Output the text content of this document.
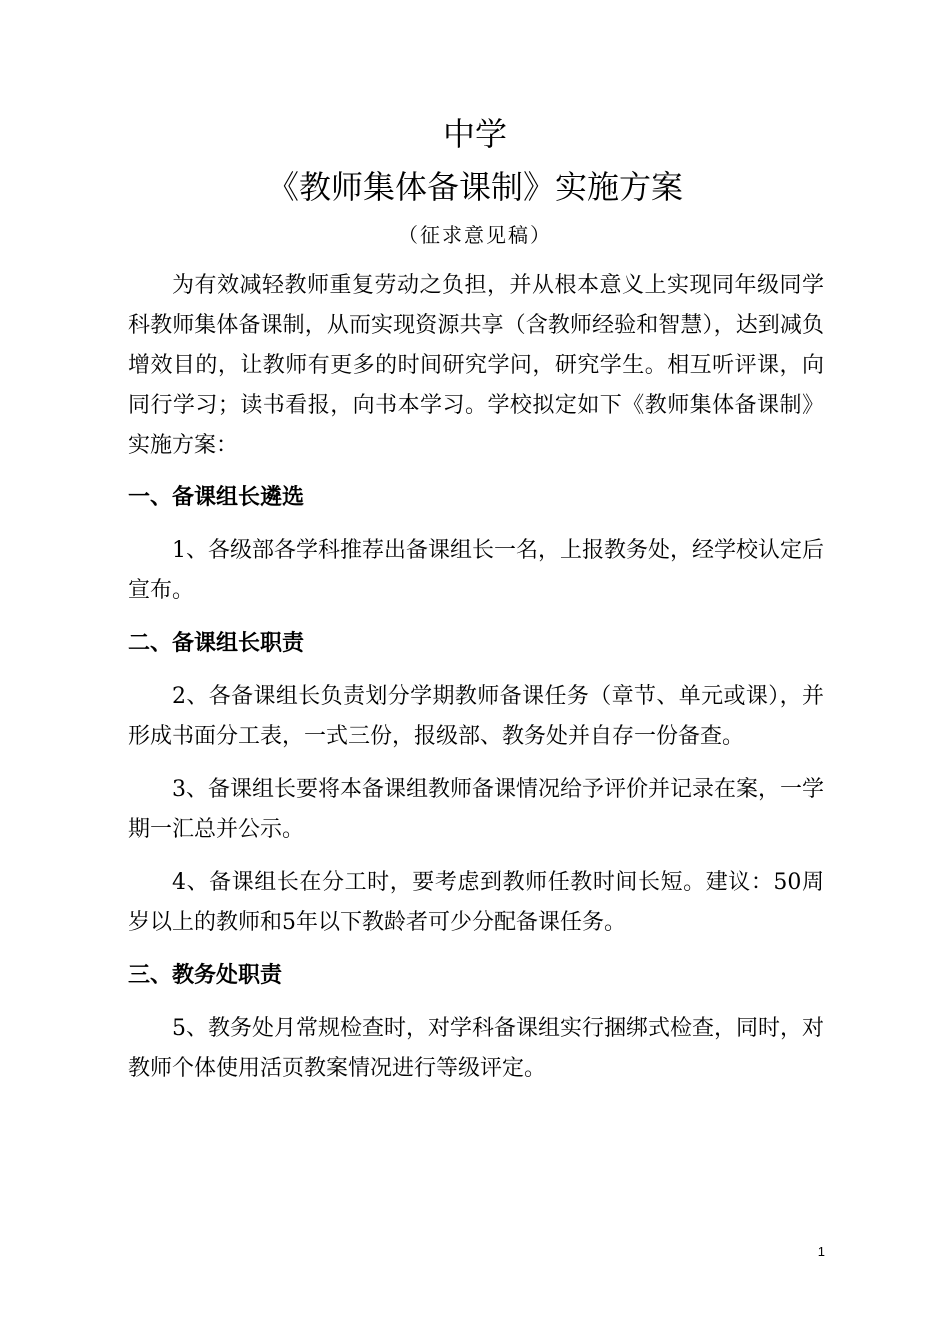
中学
《教师集体备课制》实施方案
（征求意见稿）

为有效减轻教师重复劳动之负担，并从根本意义上实现同年级同学科教师集体备课制，从而实现资源共享（含教师经验和智慧），达到减负增效目的，让教师有更多的时间研究学问，研究学生。相互听评课，向同行学习；读书看报，向书本学习。学校拟定如下《教师集体备课制》实施方案：

一、备课组长遴选

1、各级部各学科推荐出备课组长一名，上报教务处，经学校认定后宣布。

二、备课组长职责

2、各备课组长负责划分学期教师备课任务（章节、单元或课），并形成书面分工表，一式三份，报级部、教务处并自存一份备查。

3、备课组长要将本备课组教师备课情况给予评价并记录在案，一学期一汇总并公示。

4、备课组长在分工时，要考虑到教师任教时间长短。建议：50周岁以上的教师和5年以下教龄者可少分配备课任务。

三、教务处职责

5、教务处月常规检查时，对学科备课组实行捆绑式检查，同时，对教师个体使用活页教案情况进行等级评定。

1
